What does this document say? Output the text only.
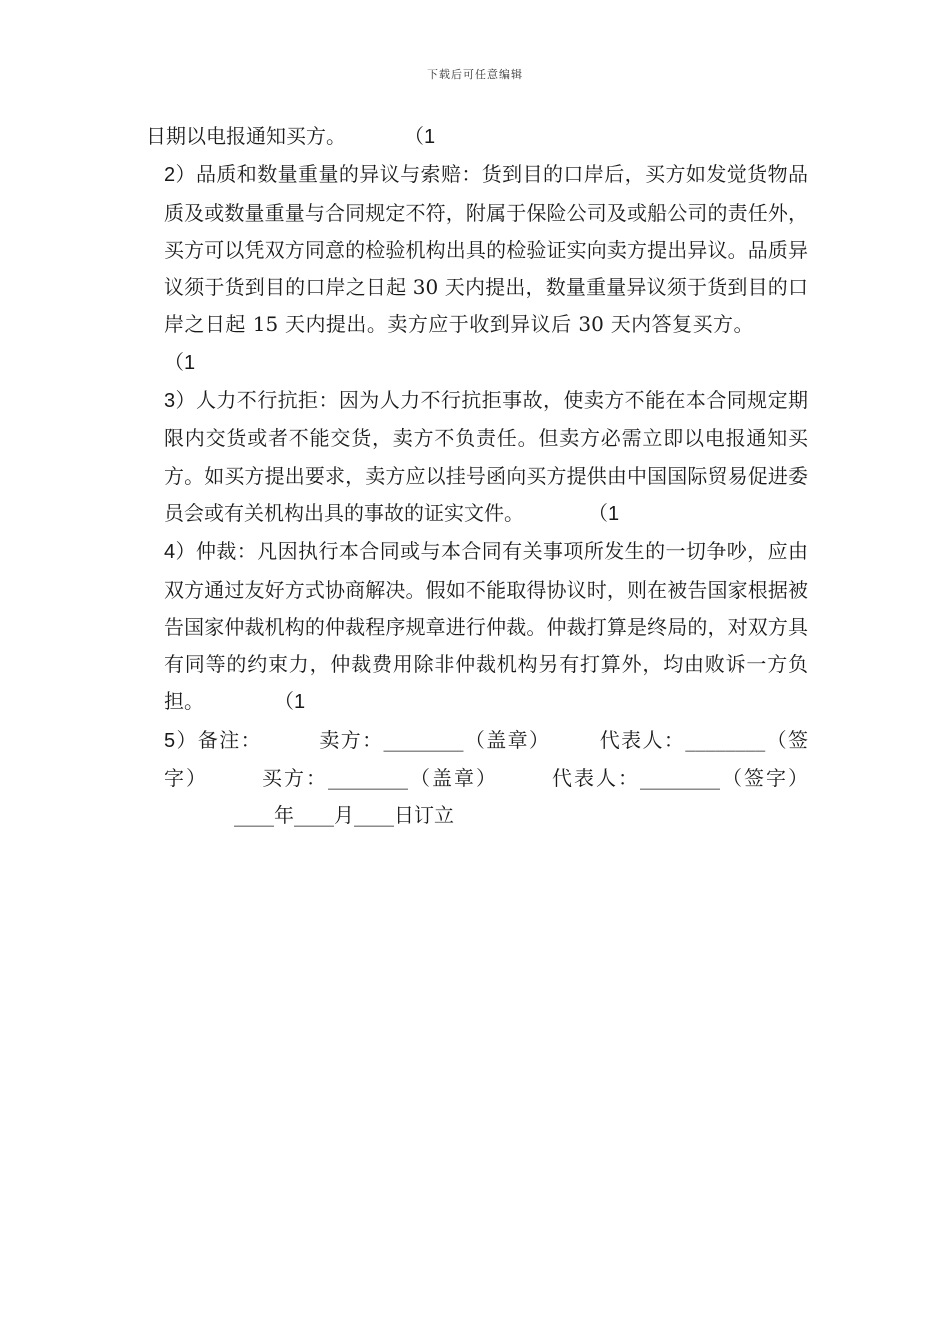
下载后可任意编辑

日期以电报通知买方。	（1

2）品质和数量重量的异议与索赔：货到目的口岸后，买方如发觉货物品质及或数量重量与合同规定不符，附属于保险公司及或船公司的责任外，买方可以凭双方同意的检验机构出具的检验证实向卖方提出异议。品质异议须于货到目的口岸之日起 30 天内提出，数量重量异议须于货到目的口岸之日起 15 天内提出。卖方应于收到异议后 30 天内答复买方。（1

3）人力不行抗拒：因为人力不行抗拒事故，使卖方不能在本合同规定期限内交货或者不能交货，卖方不负责任。但卖方必需立即以电报通知买方。如买方提出要求，卖方应以挂号函向买方提供由中国国际贸易促进委员会或有关机构出具的事故的证实文件。	（1

4）仲裁：凡因执行本合同或与本合同有关事项所发生的一切争吵，应由双方通过友好方式协商解决。假如不能取得协议时，则在被告国家根据被告国家仲裁机构的仲裁程序规章进行仲裁。仲裁打算是终局的，对双方具有同等的约束力，仲裁费用除非仲裁机构另有打算外，均由败诉一方负担。	（1

5）备注：	卖方：________（盖章） 代表人：________（签字）	买方：________（盖章）	代表人：________（签字）____年____月____日订立
